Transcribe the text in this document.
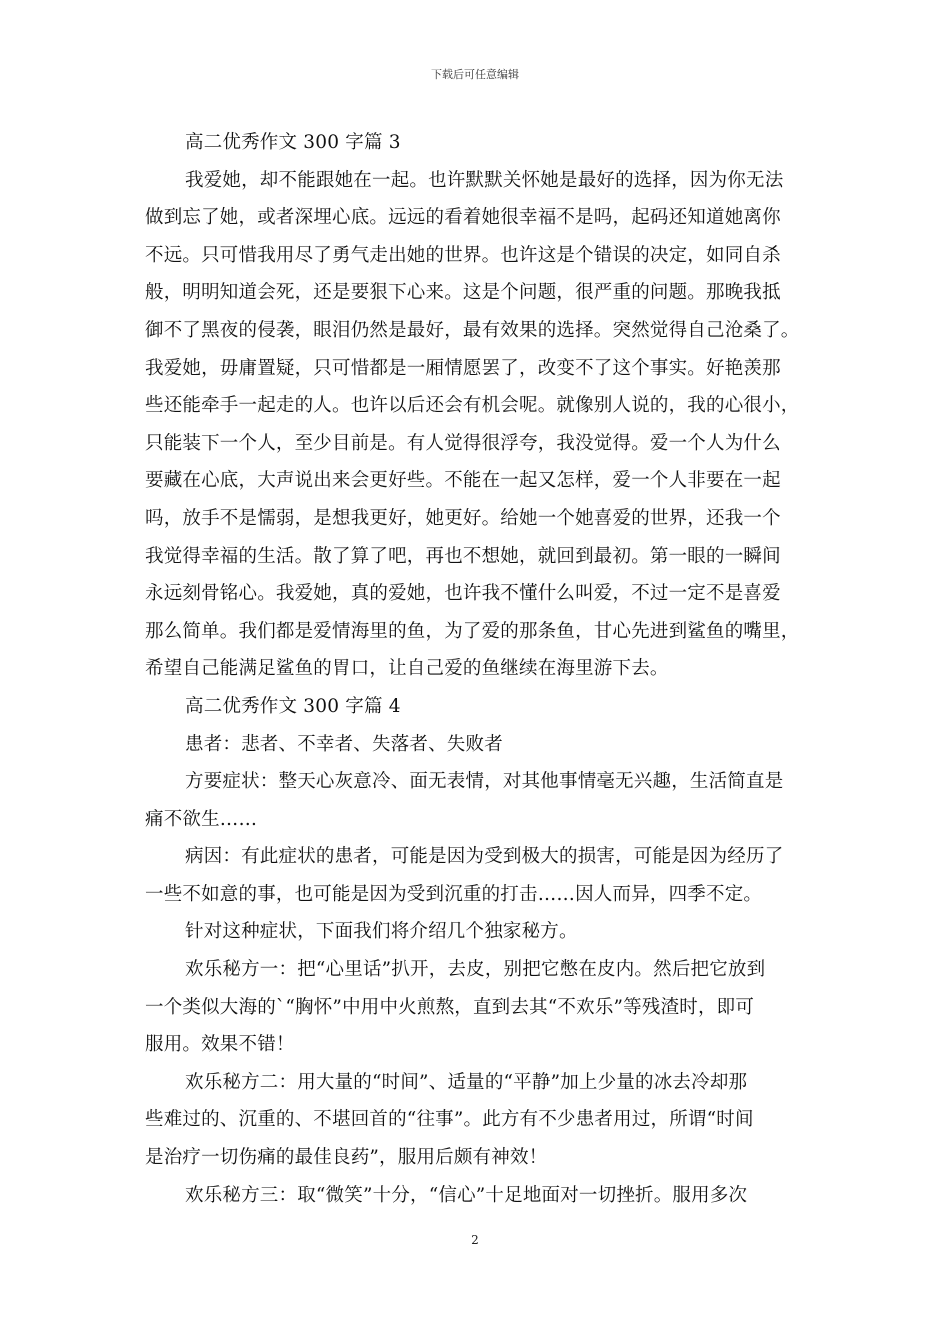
下载后可任意编辑
高二优秀作文 300 字篇 3
我爱她，却不能跟她在一起。也许默默关怀她是最好的选择，因为你无法
做到忘了她，或者深埋心底。远远的看着她很幸福不是吗，起码还知道她离你
不远。只可惜我用尽了勇气走出她的世界。也许这是个错误的决定，如同自杀
般，明明知道会死，还是要狠下心来。这是个问题，很严重的问题。那晚我抵
御不了黑夜的侵袭，眼泪仍然是最好，最有效果的选择。突然觉得自己沧桑了。
我爱她，毋庸置疑，只可惜都是一厢情愿罢了，改变不了这个事实。好艳羡那
些还能牵手一起走的人。也许以后还会有机会呢。就像别人说的，我的心很小，
只能装下一个人，至少目前是。有人觉得很浮夸，我没觉得。爱一个人为什么
要藏在心底，大声说出来会更好些。不能在一起又怎样，爱一个人非要在一起
吗，放手不是懦弱，是想我更好，她更好。给她一个她喜爱的世界，还我一个
我觉得幸福的生活。散了算了吧，再也不想她，就回到最初。第一眼的一瞬间
永远刻骨铭心。我爱她，真的爱她，也许我不懂什么叫爱，不过一定不是喜爱
那么简单。我们都是爱情海里的鱼，为了爱的那条鱼，甘心先进到鲨鱼的嘴里，
希望自己能满足鲨鱼的胃口，让自己爱的鱼继续在海里游下去。
高二优秀作文 300 字篇 4
患者：悲者、不幸者、失落者、失败者
方要症状：整天心灰意冷、面无表情，对其他事情毫无兴趣，生活简直是
痛不欲生……
病因：有此症状的患者，可能是因为受到极大的损害，可能是因为经历了
一些不如意的事，也可能是因为受到沉重的打击……因人而异，四季不定。
针对这种症状，下面我们将介绍几个独家秘方。
欢乐秘方一：把“心里话”扒开，去皮，别把它憋在皮内。然后把它放到
一个类似大海的`“胸怀”中用中火煎熬，直到去其“不欢乐”等残渣时，即可
服用。效果不错！
欢乐秘方二：用大量的“时间”、适量的“平静”加上少量的冰去冷却那
些难过的、沉重的、不堪回首的“往事”。此方有不少患者用过，所谓“时间
是治疗一切伤痛的最佳良药”，服用后颇有神效！
欢乐秘方三：取“微笑”十分，“信心”十足地面对一切挫折。服用多次
2
